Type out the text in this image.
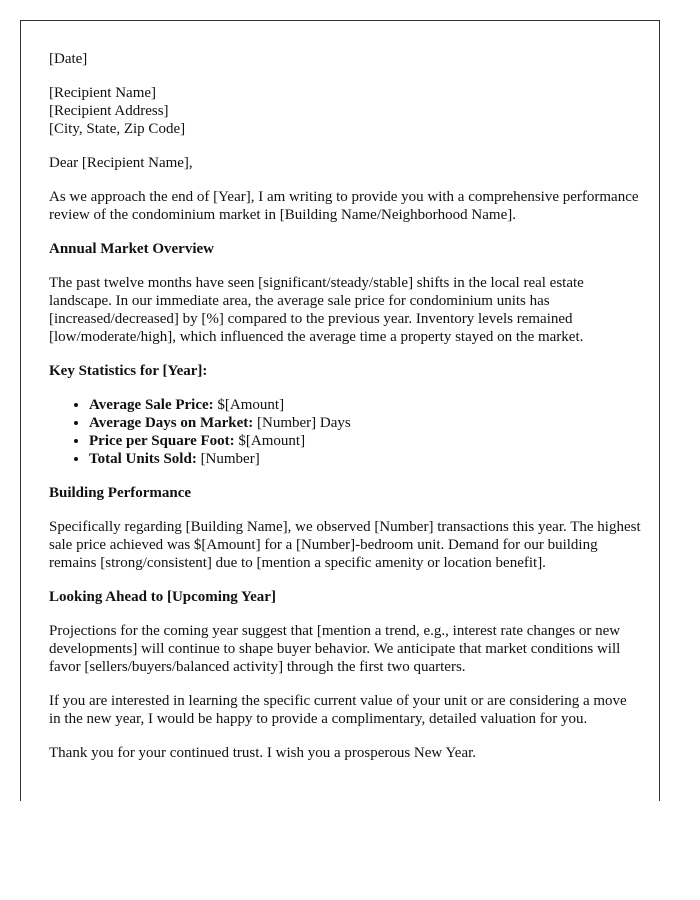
[Date]

[Recipient Name]
[Recipient Address]
[City, State, Zip Code]

Dear [Recipient Name],

As we approach the end of [Year], I am writing to provide you with a comprehensive performance review of the condominium market in [Building Name/Neighborhood Name].

Annual Market Overview

The past twelve months have seen [significant/steady/stable] shifts in the local real estate landscape. In our immediate area, the average sale price for condominium units has [increased/decreased] by [%] compared to the previous year. Inventory levels remained [low/moderate/high], which influenced the average time a property stayed on the market.

Key Statistics for [Year]:
• Average Sale Price: $[Amount]
• Average Days on Market: [Number] Days
• Price per Square Foot: $[Amount]
• Total Units Sold: [Number]
Building Performance

Specifically regarding [Building Name], we observed [Number] transactions this year. The highest sale price achieved was $[Amount] for a [Number]-bedroom unit. Demand for our building remains [strong/consistent] due to [mention a specific amenity or location benefit].

Looking Ahead to [Upcoming Year]

Projections for the coming year suggest that [mention a trend, e.g., interest rate changes or new developments] will continue to shape buyer behavior. We anticipate that market conditions will favor [sellers/buyers/balanced activity] through the first two quarters.

If you are interested in learning the specific current value of your unit or are considering a move in the new year, I would be happy to provide a complimentary, detailed valuation for you.

Thank you for your continued trust. I wish you a prosperous New Year.
